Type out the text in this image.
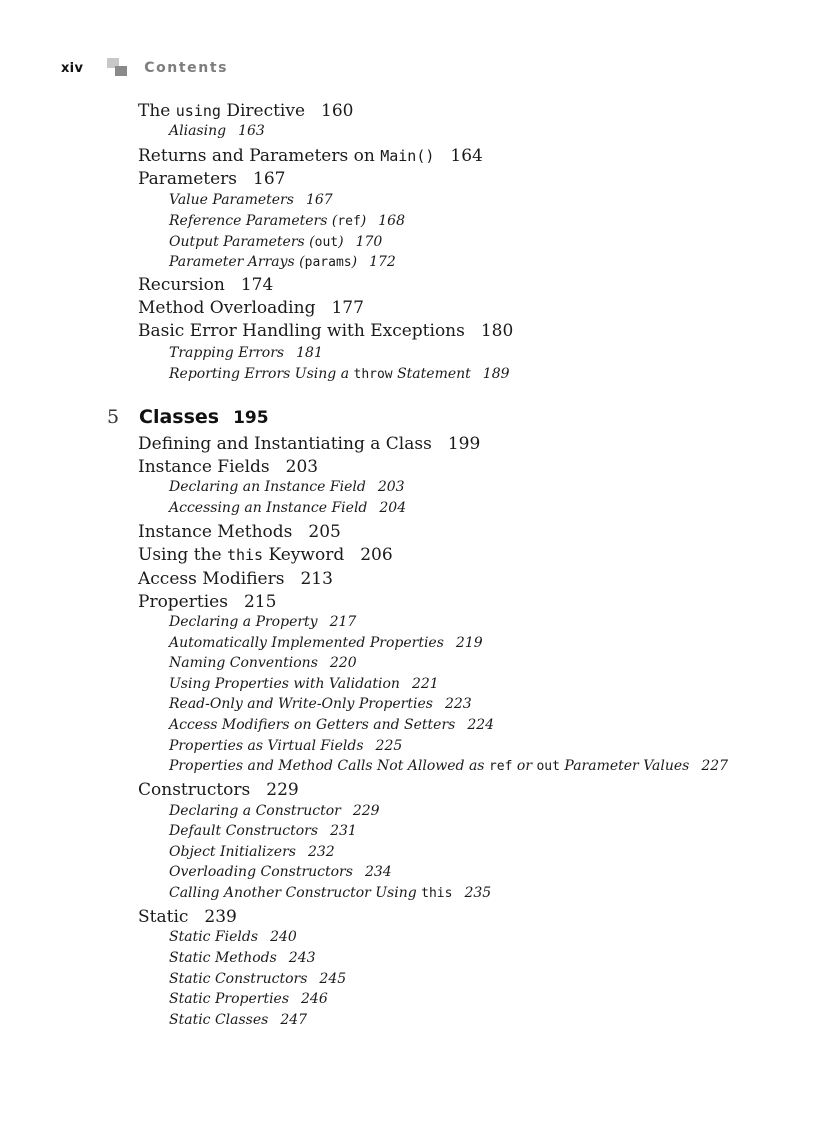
xiv	Contents
The using Directive 160
Aliasing 163
Returns and Parameters on Main() 164
Parameters 167
Value Parameters 167
Reference Parameters (ref) 168
Output Parameters (out) 170
Parameter Arrays (params) 172
Recursion 174
Method Overloading 177
Basic Error Handling with Exceptions 180
Trapping Errors 181
Reporting Errors Using a throw Statement 189
Defining and Instantiating a Class 199
Instance Fields 203
Declaring an Instance Field 203
Accessing an Instance Field 204
Instance Methods 205
Using the this Keyword 206
Access Modifiers 213
Properties 215
Declaring a Property 217
Automatically Implemented Properties 219
Naming Conventions 220
Using Properties with Validation 221
Read-Only and Write-Only Properties 223
Access Modifiers on Getters and Setters 224
Properties as Virtual Fields 225
Properties and Method Calls Not Allowed as ref or out Parameter Values 227
Constructors 229
Declaring a Constructor 229
Default Constructors 231
Object Initializers 232
Overloading Constructors 234
Calling Another Constructor Using this 235
Static 239
Static Fields 240
Static Methods 243
Static Constructors 245
Static Properties 246
Static Classes 247
5	Classes 195
